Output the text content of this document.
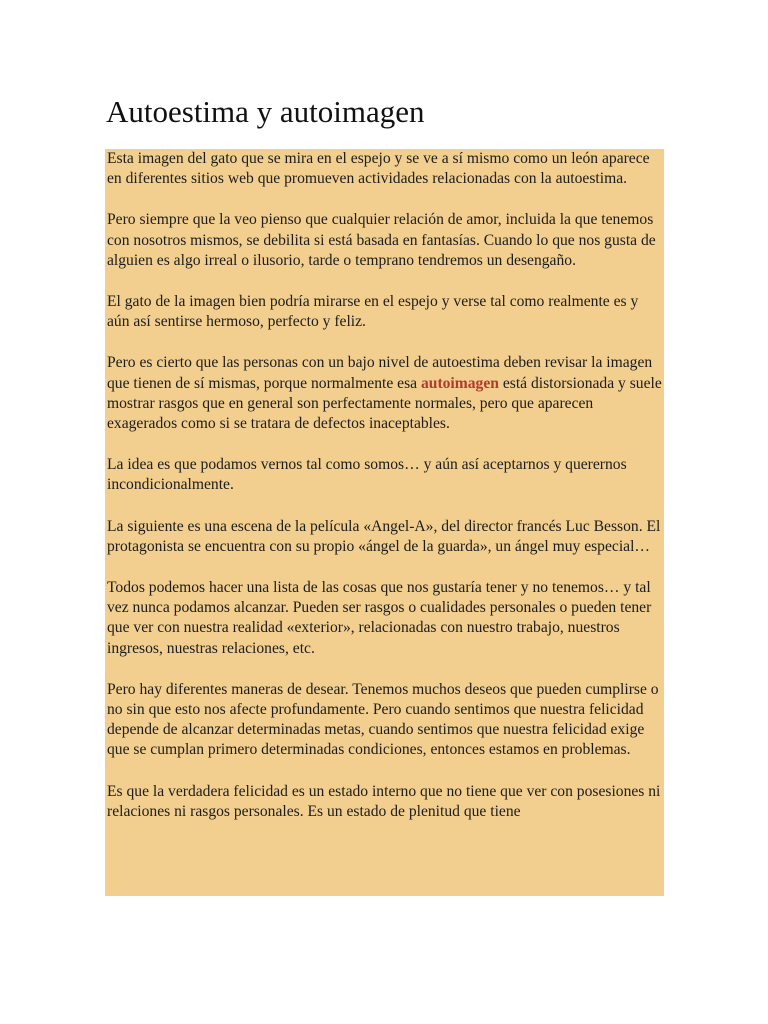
Autoestima y autoimagen

Esta imagen del gato que se mira en el espejo y se ve a sí mismo como un león aparece en diferentes sitios web que promueven actividades relacionadas con la autoestima.

Pero siempre que la veo pienso que cualquier relación de amor, incluida la que tenemos con nosotros mismos, se debilita si está basada en fantasías. Cuando lo que nos gusta de alguien es algo irreal o ilusorio, tarde o temprano tendremos un desengaño.

El gato de la imagen bien podría mirarse en el espejo y verse tal como realmente es y aún así sentirse hermoso, perfecto y feliz.

Pero es cierto que las personas con un bajo nivel de autoestima deben revisar la imagen que tienen de sí mismas, porque normalmente esa autoimagen está distorsionada y suele mostrar rasgos que en general son perfectamente normales, pero que aparecen exagerados como si se tratara de defectos inaceptables.

La idea es que podamos vernos tal como somos… y aún así aceptarnos y querernos incondicionalmente.

La siguiente es una escena de la película «Angel-A», del director francés Luc Besson. El protagonista se encuentra con su propio «ángel de la guarda», un ángel muy especial…

Todos podemos hacer una lista de las cosas que nos gustaría tener y no tenemos… y tal vez nunca podamos alcanzar. Pueden ser rasgos o cualidades personales o pueden tener que ver con nuestra realidad «exterior», relacionadas con nuestro trabajo, nuestros ingresos, nuestras relaciones, etc.

Pero hay diferentes maneras de desear. Tenemos muchos deseos que pueden cumplirse o no sin que esto nos afecte profundamente. Pero cuando sentimos que nuestra felicidad depende de alcanzar determinadas metas, cuando sentimos que nuestra felicidad exige que se cumplan primero determinadas condiciones, entonces estamos en problemas.

Es que la verdadera felicidad es un estado interno que no tiene que ver con posesiones ni relaciones ni rasgos personales. Es un estado de plenitud que tiene
